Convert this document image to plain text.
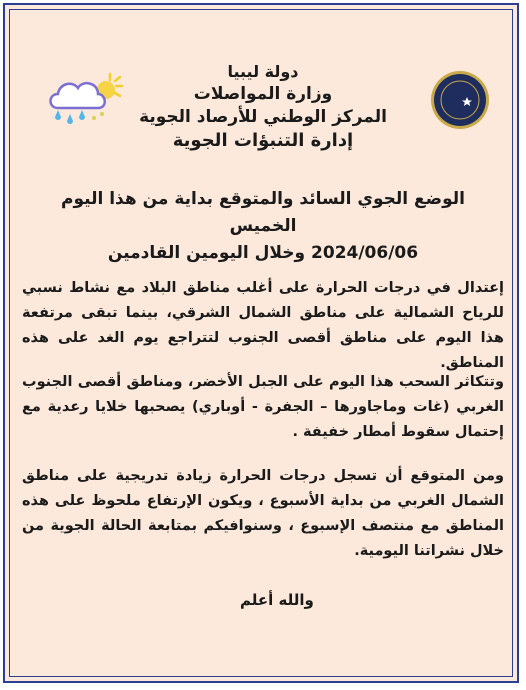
دولة ليبيا
وزارة المواصلات
المركز الوطني للأرصاد الجوية
إدارة التنبؤات الجوية
الوضع الجوي السائد والمتوقع بداية من هذا اليوم الخميس
2024/06/06 وخلال اليومين القادمين
إعتدال في درجات الحرارة على أغلب مناطق البلاد مع نشاط نسبي للرياح الشمالية على مناطق الشمال الشرقي، بينما تبقى مرتفعة هذا اليوم على مناطق أقصى الجنوب لتتراجع يوم الغد على هذه المناطق.
وتتكاثر السحب هذا اليوم على الجبل الأخضر، ومناطق أقصى الجنوب الغربي (غات وماجاورها – الجفرة - أوباري) يصحبها خلايا رعدية مع إحتمال سقوط أمطار خفيفة .
ومن المتوقع أن تسجل درجات الحرارة زيادة تدريجية على مناطق الشمال الغربي من بداية الأسبوع ، ويكون الإرتفاع ملحوظ على هذه المناطق مع منتصف الإسبوع ، وسنوافيكم بمتابعة الحالة الجوية من خلال نشراتنا اليومية.
والله أعلم
